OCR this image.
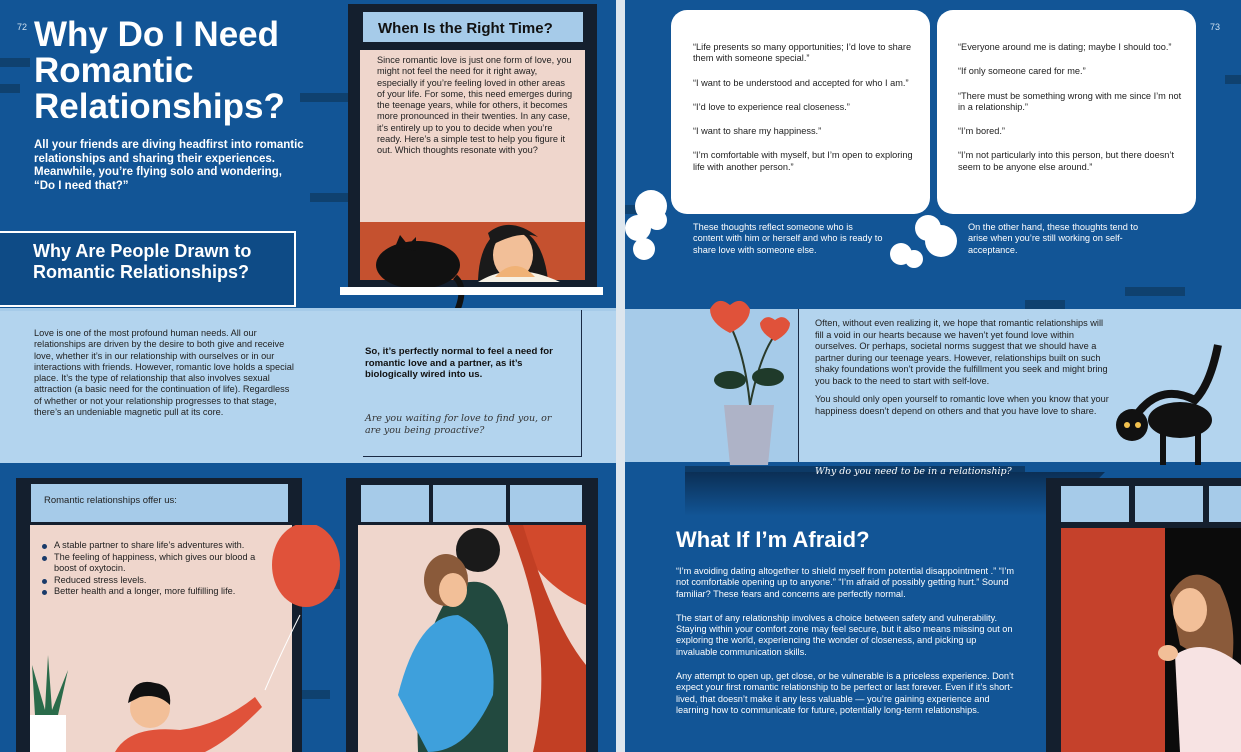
72 Why Do I Need Romantic Relationships?

All your friends are diving headfirst into romantic relationships and sharing their experiences. Meanwhile, you’re flying solo and wondering, “Do I need that?”

When Is the Right Time?

Since romantic love is just one form of love, you might not feel the need for it right away, especially if you’re feeling loved in other areas of your life. For some, this need emerges during the teenage years, while for others, it becomes more pronounced in their twenties. In any case, it’s entirely up to you to decide when you’re ready. Here’s a simple test to help you figure it out. Which thoughts resonate with you?

Why Are People Drawn to Romantic Relationships?

Love is one of the most profound human needs. All our relationships are driven by the desire to both give and receive love, whether it’s in our relationship with ourselves or in our interactions with friends. However, romantic love holds a special place. It’s the type of relationship that also involves sexual attraction (a basic need for the continuation of life). Regardless of whether or not your relationship progresses to that stage, there’s an undeniable magnetic pull at its core.

So, it’s perfectly normal to feel a need for romantic love and a partner, as it’s biologically wired into us.

Are you waiting for love to find you, or are you being proactive?

Romantic relationships offer us:
A stable partner to share life’s adventures with.
The feeling of happiness, which gives our blood a boost of oxytocin.
Reduced stress levels.
Better health and a longer, more fulfilling life.
73

“Life presents so many opportunities; I’d love to share them with someone special.”

“I want to be understood and accepted for who I am.”

“I’d love to experience real closeness.”

“I want to share my happiness.”

“I’m comfortable with myself, but I’m open to exploring life with another person.”

“Everyone around me is dating; maybe I should too.”

“If only someone cared for me.”

“There must be something wrong with me since I’m not in a relationship.”

“I’m bored.”

“I’m not particularly into this person, but there doesn’t seem to be anyone else around.”

These thoughts reflect someone who is content with him or herself and who is ready to share love with someone else.

On the other hand, these thoughts tend to arise when you’re still working on self-acceptance.

Often, without even realizing it, we hope that romantic relationships will fill a void in our hearts because we haven’t yet found love within ourselves. Or perhaps, societal norms suggest that we should have a partner during our teenage years. However, relationships built on such shaky foundations won’t provide the fulfillment you seek and might bring you back to the need to start with self-love.

You should only open yourself to romantic love when you know that your happiness doesn’t depend on others and that you have love to share.

Why do you need to be in a relationship?

What If I’m Afraid?

“I’m avoiding dating altogether to shield myself from potential disappointment .” “I’m not comfortable opening up to anyone.” “I’m afraid of possibly getting hurt.” Sound familiar? These fears and concerns are perfectly normal.

The start of any relationship involves a choice between safety and vulnerability. Staying within your comfort zone may feel secure, but it also means missing out on exploring the world, experiencing the wonder of closeness, and picking up invaluable communication skills.

Any attempt to open up, get close, or be vulnerable is a priceless experience. Don’t expect your first romantic relationship to be perfect or last forever. Even if it’s short-lived, that doesn’t make it any less valuable — you’re gaining experience and learning how to communicate for future, potentially long-term relationships.
